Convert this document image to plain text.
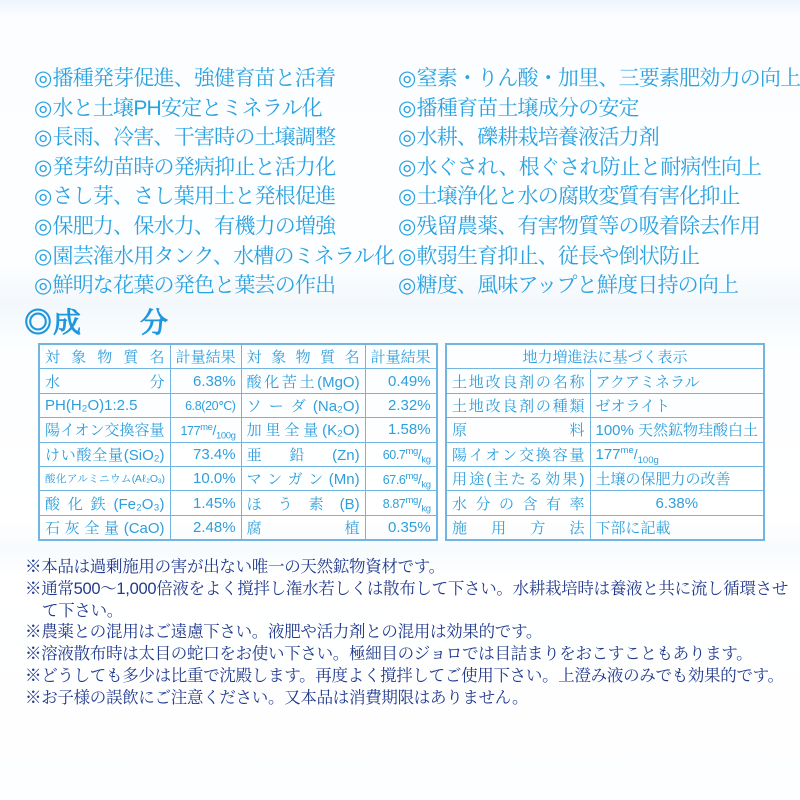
◎播種発芽促進、強健育苗と活着
◎水と土壌PH安定とミネラル化
◎長雨、冷害、干害時の土壌調整
◎発芽幼苗時の発病抑止と活力化
◎さし芽、さし葉用土と発根促進
◎保肥力、保水力、有機力の増強
◎園芸潅水用タンク、水槽のミネラル化
◎鮮明な花葉の発色と葉芸の作出
◎窒素・りん酸・加里、三要素肥効力の向上
◎播種育苗土壌成分の安定
◎水耕、礫耕栽培養液活力剤
◎水ぐされ、根ぐされ防止と耐病性向上
◎土壌浄化と水の腐敗変質有害化抑止
◎残留農薬、有害物質等の吸着除去作用
◎軟弱生育抑止、従長や倒状防止
◎糖度、風味アップと鮮度日持の向上
◎成　　分
対象物質名	計量結果	対象物質名	計量結果
水分	6.38%	酸化苦土(MgO)	0.49%
PH(H₂O)1:2.5	6.8(20℃)	ソーダ(Na₂O)	2.32%
陽イオン交換容量	$177^{me}/_{100g}$	加里全量(K₂O)	1.58%
けい酸全量(SiO₂)	73.4%	亜鉛(Zn)	$60.7^{mg}/_{kg}$
酸化アルミニウム(Aℓ₂O₃)	10.0%	マンガン(Mn)	$67.6^{mg}/_{kg}$
酸化鉄(Fe₂O₃)	1.45%	ほう素(B)	$8.87^{mg}/_{kg}$
石灰全量(CaO)	2.48%	腐植	0.35%
地力増進法に基づく表示	
土地改良剤の名称	アクアミネラル
土地改良剤の種類	ゼオライト
原料	100% 天然鉱物珪酸白土
陽イオン交換容量	$177^{me}/_{100g}$
用途(主たる効果)	土壌の保肥力の改善
水分の含有率	6.38%
施用方法	下部に記載

※本品は過剰施用の害が出ない唯一の天然鉱物資材です。

※通常500〜1,000倍液をよく撹拌し潅水若しくは散布して下さい。水耕栽培時は養液と共に流し循環させて下さい。

※農薬との混用はご遠慮下さい。液肥や活力剤との混用は効果的です。

※溶液散布時は太目の蛇口をお使い下さい。極細目のジョロでは目詰まりをおこすこともあります。

※どうしても多少は比重で沈殿します。再度よく撹拌してご使用下さい。上澄み液のみでも効果的です。

※お子様の誤飲にご注意ください。又本品は消費期限はありません。
